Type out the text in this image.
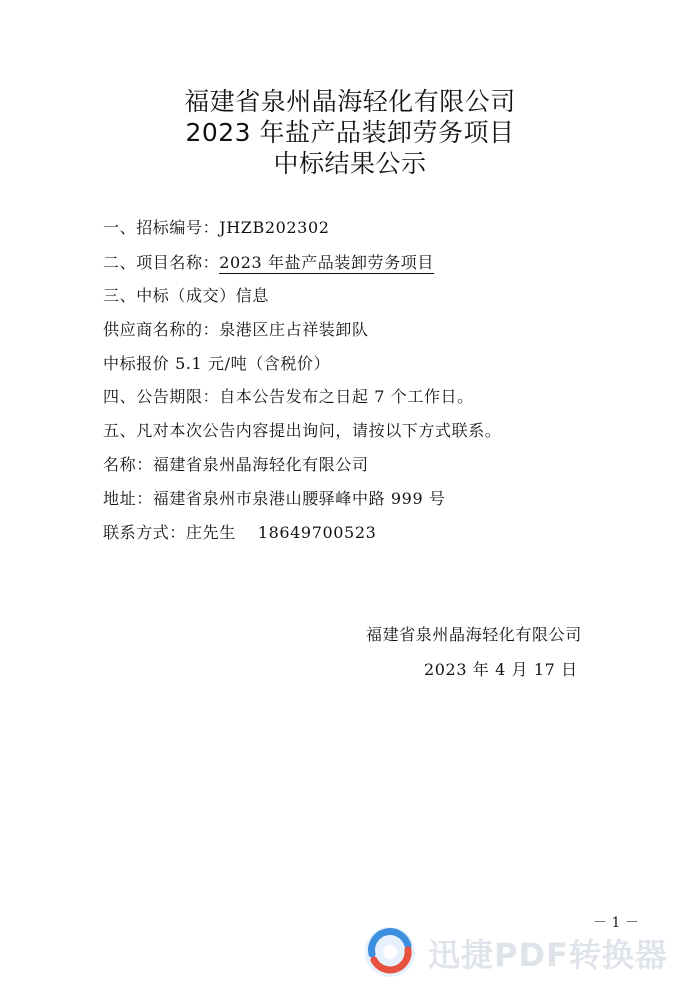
福建省泉州晶海轻化有限公司
2023 年盐产品装卸劳务项目
中标结果公示
一、招标编号：JHZB202302
二、项目名称：2023 年盐产品装卸劳务项目
三、中标（成交）信息
供应商名称的：泉港区庄占祥装卸队
中标报价 5.1 元/吨（含税价）
四、公告期限：自本公告发布之日起 7 个工作日。
五、凡对本次公告内容提出询问，请按以下方式联系。
名称：福建省泉州晶海轻化有限公司
地址：福建省泉州市泉港山腰驿峰中路 999 号
联系方式：庄先生 18649700523
福建省泉州晶海轻化有限公司
2023 年 4 月 17 日
－ 1 －
迅捷PDF转换器
